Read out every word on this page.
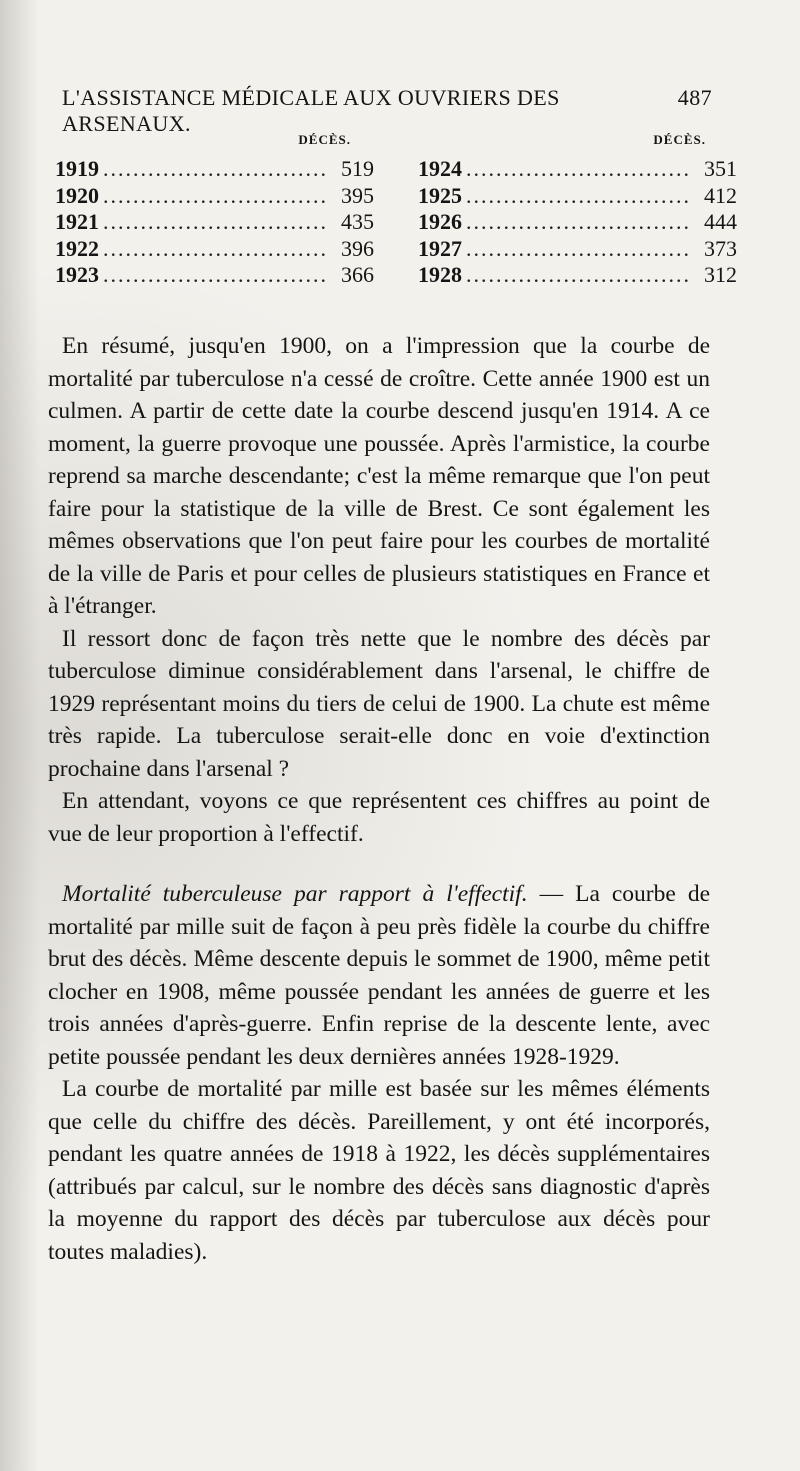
L'ASSISTANCE MÉDICALE AUX OUVRIERS DES ARSENAUX.
487
DÉCÈS.
1919 .............................. 519
1920 .............................. 395
1921 .............................. 435
1922 .............................. 396
1923 .............................. 366
DÉCÈS.
1924 .............................. 351
1925 .............................. 412
1926 .............................. 444
1927 .............................. 373
1928 .............................. 312

En résumé, jusqu'en 1900, on a l'impression que la courbe de mortalité par tuberculose n'a cessé de croître. Cette année 1900 est un culmen. A partir de cette date la courbe descend jusqu'en 1914. A ce moment, la guerre provoque une poussée. Après l'armistice, la courbe reprend sa marche descendante; c'est la même remarque que l'on peut faire pour la statistique de la ville de Brest. Ce sont également les mêmes observations que l'on peut faire pour les courbes de mortalité de la ville de Paris et pour celles de plusieurs statistiques en France et à l'étranger.

Il ressort donc de façon très nette que le nombre des décès par tuberculose diminue considérablement dans l'arsenal, le chiffre de 1929 représentant moins du tiers de celui de 1900. La chute est même très rapide. La tuberculose serait-elle donc en voie d'extinction prochaine dans l'arsenal ?

En attendant, voyons ce que représentent ces chiffres au point de vue de leur proportion à l'effectif.

Mortalité tuberculeuse par rapport à l'effectif. — La courbe de mortalité par mille suit de façon à peu près fidèle la courbe du chiffre brut des décès. Même descente depuis le sommet de 1900, même petit clocher en 1908, même poussée pendant les années de guerre et les trois années d'après-guerre. Enfin reprise de la descente lente, avec petite poussée pendant les deux dernières années 1928-1929.

La courbe de mortalité par mille est basée sur les mêmes éléments que celle du chiffre des décès. Pareillement, y ont été incorporés, pendant les quatre années de 1918 à 1922, les décès supplémentaires (attribués par calcul, sur le nombre des décès sans diagnostic d'après la moyenne du rapport des décès par tuberculose aux décès pour toutes maladies).
